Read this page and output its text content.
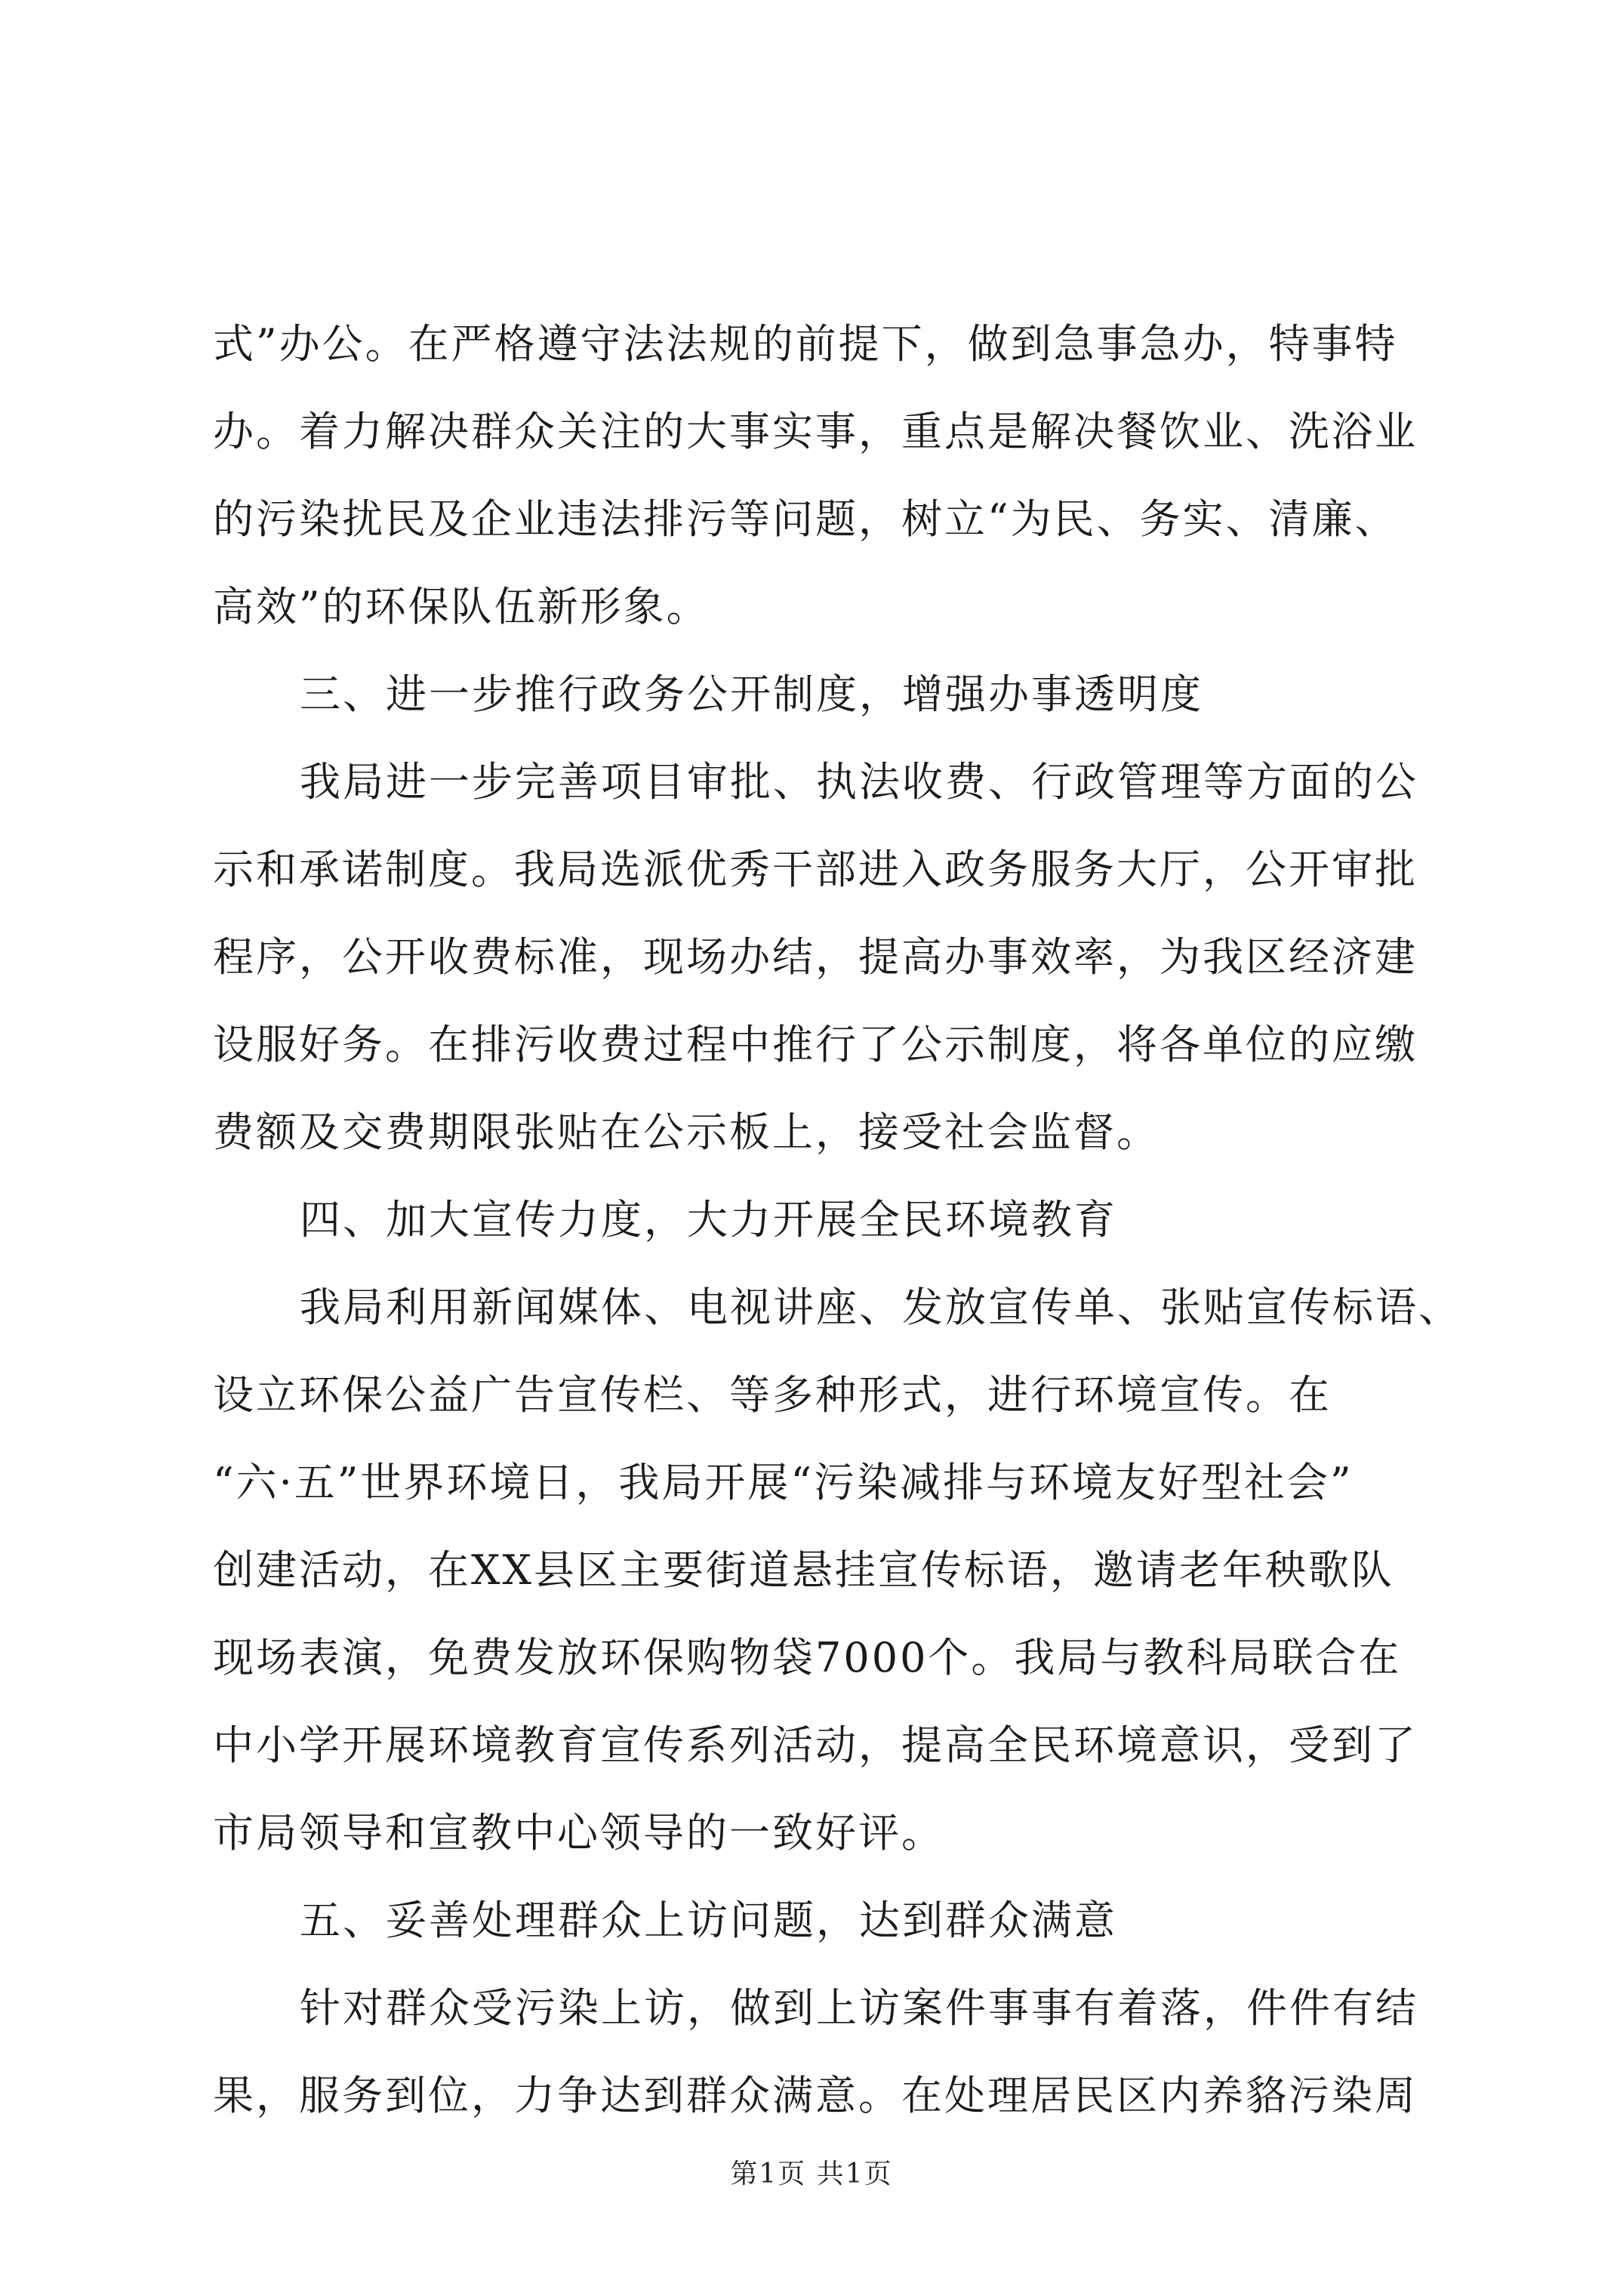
式”办公。在严格遵守法法规的前提下，做到急事急办，特事特
办。着力解决群众关注的大事实事，重点是解决餐饮业、洗浴业
的污染扰民及企业违法排污等问题，树立“为民、务实、清廉、
高效”的环保队伍新形象。
三、进一步推行政务公开制度，增强办事透明度
我局进一步完善项目审批、执法收费、行政管理等方面的公
示和承诺制度。我局选派优秀干部进入政务服务大厅，公开审批
程序，公开收费标准，现场办结，提高办事效率，为我区经济建
设服好务。在排污收费过程中推行了公示制度，将各单位的应缴
费额及交费期限张贴在公示板上，接受社会监督。
四、加大宣传力度，大力开展全民环境教育
我局利用新闻媒体、电视讲座、发放宣传单、张贴宣传标语、
设立环保公益广告宣传栏、等多种形式，进行环境宣传。在
“六·五”世界环境日，我局开展“污染减排与环境友好型社会”
创建活动，在XX县区主要街道悬挂宣传标语，邀请老年秧歌队
现场表演，免费发放环保购物袋7000个。我局与教科局联合在
中小学开展环境教育宣传系列活动，提高全民环境意识，受到了
市局领导和宣教中心领导的一致好评。
五、妥善处理群众上访问题，达到群众满意
针对群众受污染上访，做到上访案件事事有着落，件件有结
果，服务到位，力争达到群众满意。在处理居民区内养貉污染周
第1页 共1页
